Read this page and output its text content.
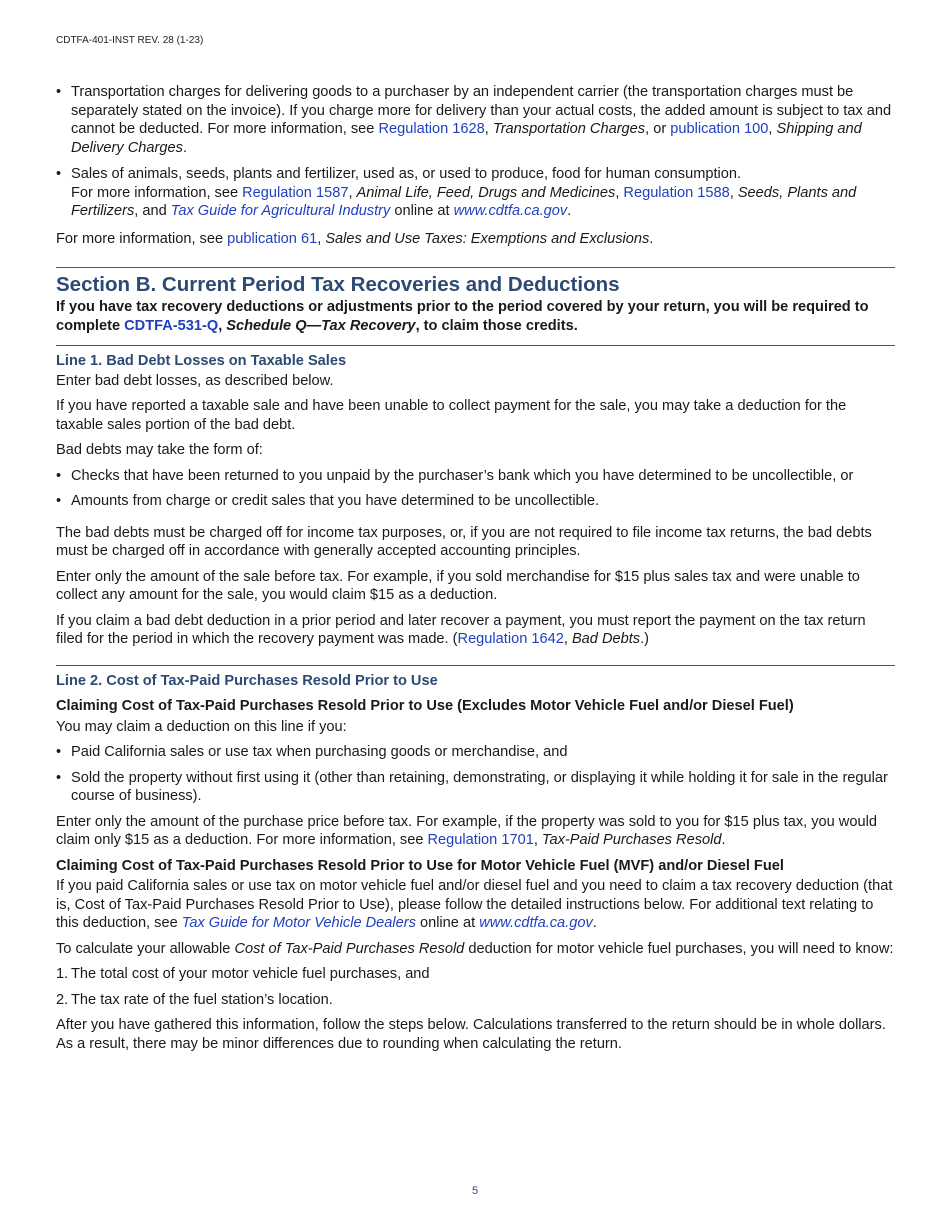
CDTFA-401-INST REV. 28 (1-23)
• Transportation charges for delivering goods to a purchaser by an independent carrier (the transportation charges must be separately stated on the invoice). If you charge more for delivery than your actual costs, the added amount is subject to tax and cannot be deducted. For more information, see Regulation 1628, Transportation Charges, or publication 100, Shipping and Delivery Charges.
• Sales of animals, seeds, plants and fertilizer, used as, or used to produce, food for human consumption.
For more information, see Regulation 1587, Animal Life, Feed, Drugs and Medicines, Regulation 1588, Seeds, Plants and Fertilizers, and Tax Guide for Agricultural Industry online at www.cdtfa.ca.gov.

For more information, see publication 61, Sales and Use Taxes: Exemptions and Exclusions.

Section B. Current Period Tax Recoveries and Deductions

If you have tax recovery deductions or adjustments prior to the period covered by your return, you will be required to complete CDTFA-531-Q, Schedule Q—Tax Recovery, to claim those credits.

Line 1. Bad Debt Losses on Taxable Sales

Enter bad debt losses, as described below.

If you have reported a taxable sale and have been unable to collect payment for the sale, you may take a deduction for the taxable sales portion of the bad debt.

Bad debts may take the form of:

• Checks that have been returned to you unpaid by the purchaser’s bank which you have determined to be uncollectible, or
• Amounts from charge or credit sales that you have determined to be uncollectible.

The bad debts must be charged off for income tax purposes, or, if you are not required to file income tax returns, the bad debts must be charged off in accordance with generally accepted accounting principles.

Enter only the amount of the sale before tax. For example, if you sold merchandise for $15 plus sales tax and were unable to collect any amount for the sale, you would claim $15 as a deduction.

If you claim a bad debt deduction in a prior period and later recover a payment, you must report the payment on the tax return filed for the period in which the recovery payment was made. (Regulation 1642, Bad Debts.)

Line 2. Cost of Tax-Paid Purchases Resold Prior to Use

Claiming Cost of Tax-Paid Purchases Resold Prior to Use (Excludes Motor Vehicle Fuel and/or Diesel Fuel)

You may claim a deduction on this line if you:

• Paid California sales or use tax when purchasing goods or merchandise, and
• Sold the property without first using it (other than retaining, demonstrating, or displaying it while holding it for sale in the regular course of business).

Enter only the amount of the purchase price before tax. For example, if the property was sold to you for $15 plus tax, you would claim only $15 as a deduction. For more information, see Regulation 1701, Tax-Paid Purchases Resold.

Claiming Cost of Tax-Paid Purchases Resold Prior to Use for Motor Vehicle Fuel (MVF) and/or Diesel Fuel

If you paid California sales or use tax on motor vehicle fuel and/or diesel fuel and you need to claim a tax recovery deduction (that is, Cost of Tax-Paid Purchases Resold Prior to Use), please follow the detailed instructions below. For additional text relating to this deduction, see Tax Guide for Motor Vehicle Dealers online at www.cdtfa.ca.gov.

To calculate your allowable Cost of Tax-Paid Purchases Resold deduction for motor vehicle fuel purchases, you will need to know:

1. The total cost of your motor vehicle fuel purchases, and
2. The tax rate of the fuel station’s location.

After you have gathered this information, follow the steps below. Calculations transferred to the return should be in whole dollars. As a result, there may be minor differences due to rounding when calculating the return.

5
